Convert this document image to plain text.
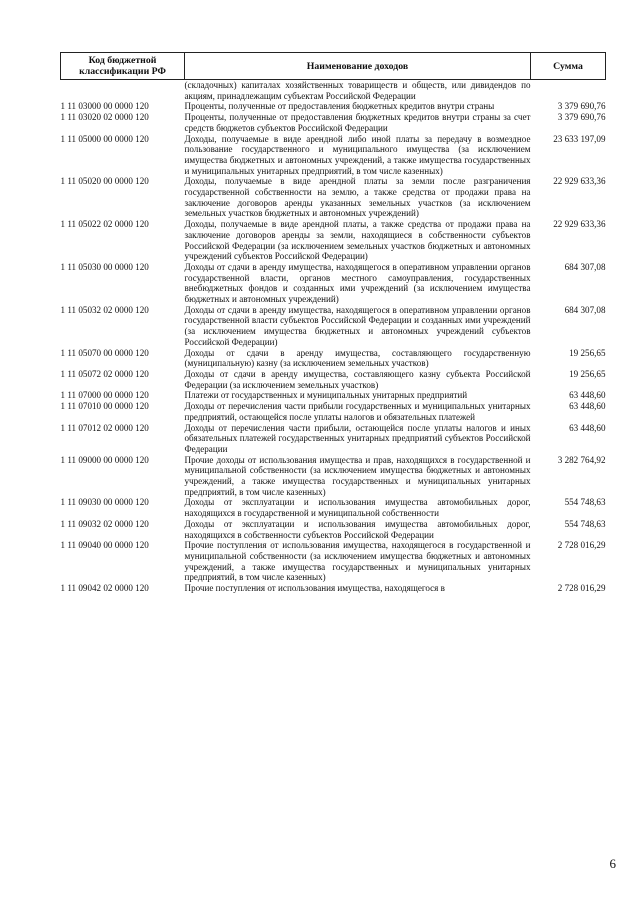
Код бюджетной классификации РФ	Наименование доходов	Сумма
	(складочных) капиталах хозяйственных товариществ и обществ, или дивидендов по акциям, принадлежащим субъектам Российской Федерации	
1 11 03000 00 0000 120	Проценты, полученные от предоставления бюджетных кредитов внутри страны	3 379 690,76
1 11 03020 02 0000 120	Проценты, полученные от предоставления бюджетных кредитов внутри страны за счет средств бюджетов субъектов Российской Федерации	3 379 690,76
1 11 05000 00 0000 120	Доходы, получаемые в виде арендной либо иной платы за передачу в возмездное пользование государственного и муниципального имущества (за исключением имущества бюджетных и автономных учреждений, а также имущества государственных и муниципальных унитарных предприятий, в том числе казенных)	23 633 197,09
1 11 05020 00 0000 120	Доходы, получаемые в виде арендной платы за земли после разграничения государственной собственности на землю, а также средства от продажи права на заключение договоров аренды указанных земельных участков (за исключением земельных участков бюджетных и автономных учреждений)	22 929 633,36
1 11 05022 02 0000 120	Доходы, получаемые в виде арендной платы, а также средства от продажи права на заключение договоров аренды за земли, находящиеся в собственности субъектов Российской Федерации (за исключением земельных участков бюджетных и автономных учреждений субъектов Российской Федерации)	22 929 633,36
1 11 05030 00 0000 120	Доходы от сдачи в аренду имущества, находящегося в оперативном управлении органов государственной власти, органов местного самоуправления, государственных внебюджетных фондов и созданных ими учреждений (за исключением имущества бюджетных и автономных учреждений)	684 307,08
1 11 05032 02 0000 120	Доходы от сдачи в аренду имущества, находящегося в оперативном управлении органов государственной власти субъектов Российской Федерации и созданных ими учреждений (за исключением имущества бюджетных и автономных учреждений субъектов Российской Федерации)	684 307,08
1 11 05070 00 0000 120	Доходы от сдачи в аренду имущества, составляющего государственную (муниципальную) казну (за исключением земельных участков)	19 256,65
1 11 05072 02 0000 120	Доходы от сдачи в аренду имущества, составляющего казну субъекта Российской Федерации (за исключением земельных участков)	19 256,65
1 11 07000 00 0000 120	Платежи от государственных и муниципальных унитарных предприятий	63 448,60
1 11 07010 00 0000 120	Доходы от перечисления части прибыли государственных и муниципальных унитарных предприятий, остающейся после уплаты налогов и обязательных платежей	63 448,60
1 11 07012 02 0000 120	Доходы от перечисления части прибыли, остающейся после уплаты налогов и иных обязательных платежей государственных унитарных предприятий субъектов Российской Федерации	63 448,60
1 11 09000 00 0000 120	Прочие доходы от использования имущества и прав, находящихся в государственной и муниципальной собственности (за исключением имущества бюджетных и автономных учреждений, а также имущества государственных и муниципальных унитарных предприятий, в том числе казенных)	3 282 764,92
1 11 09030 00 0000 120	Доходы от эксплуатации и использования имущества автомобильных дорог, находящихся в государственной и муниципальной собственности	554 748,63
1 11 09032 02 0000 120	Доходы от эксплуатации и использования имущества автомобильных дорог, находящихся в собственности субъектов Российской Федерации	554 748,63
1 11 09040 00 0000 120	Прочие поступления от использования имущества, находящегося в государственной и муниципальной собственности (за исключением имущества бюджетных и автономных учреждений, а также имущества государственных и муниципальных унитарных предприятий, в том числе казенных)	2 728 016,29
1 11 09042 02 0000 120	Прочие поступления от использования имущества, находящегося в	2 728 016,29
6
